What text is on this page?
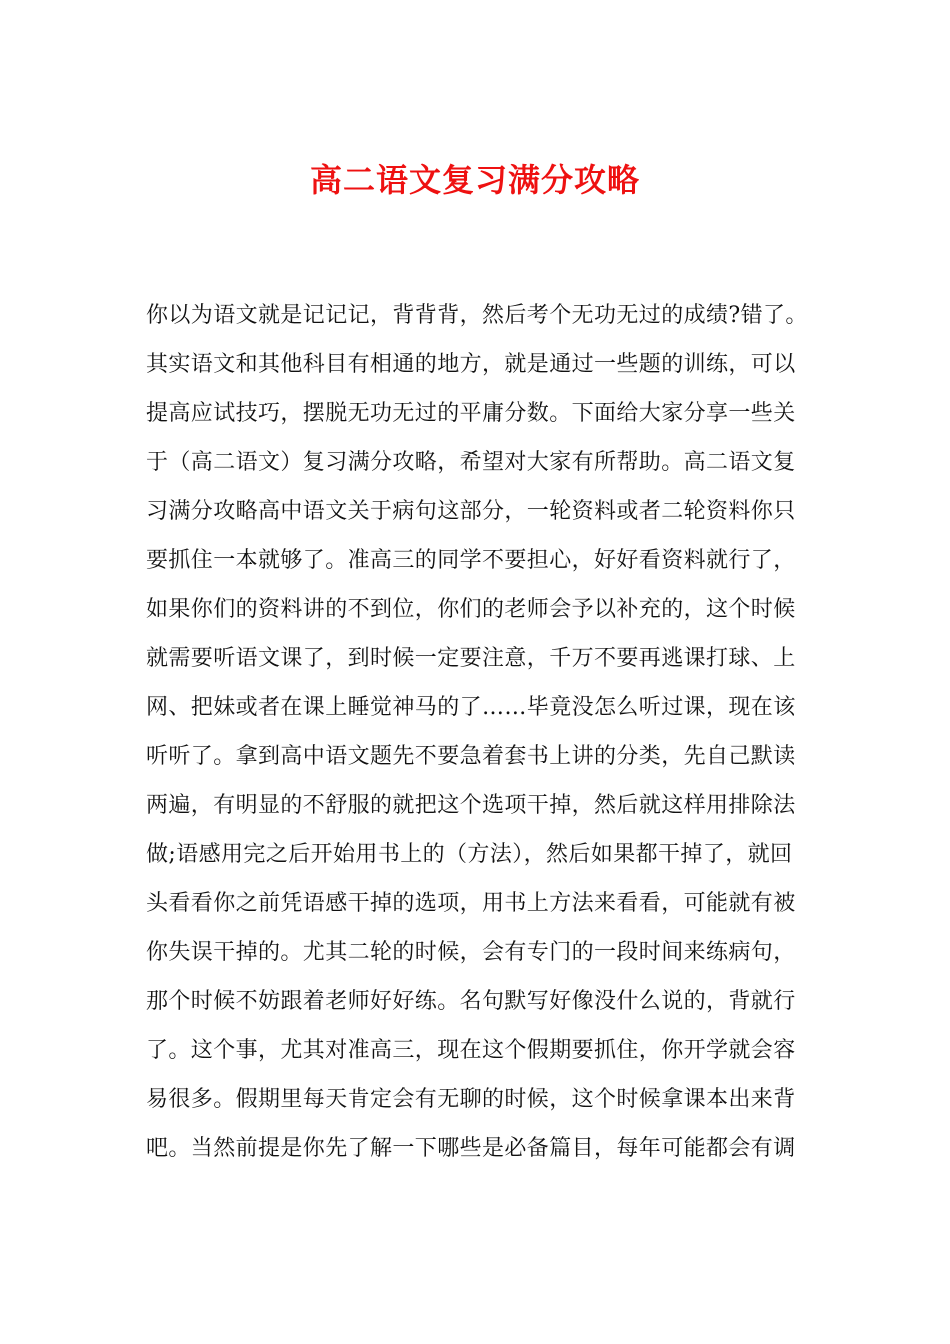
高二语文复习满分攻略
你以为语文就是记记记，背背背，然后考个无功无过的成绩?错了。
其实语文和其他科目有相通的地方，就是通过一些题的训练，可以
提高应试技巧，摆脱无功无过的平庸分数。下面给大家分享一些关
于（高二语文）复习满分攻略，希望对大家有所帮助。高二语文复
习满分攻略高中语文关于病句这部分，一轮资料或者二轮资料你只
要抓住一本就够了。准高三的同学不要担心，好好看资料就行了，
如果你们的资料讲的不到位，你们的老师会予以补充的，这个时候
就需要听语文课了，到时候一定要注意，千万不要再逃课打球、上
网、把妹或者在课上睡觉神马的了……毕竟没怎么听过课，现在该
听听了。拿到高中语文题先不要急着套书上讲的分类，先自己默读
两遍，有明显的不舒服的就把这个选项干掉，然后就这样用排除法
做;语感用完之后开始用书上的（方法），然后如果都干掉了，就回
头看看你之前凭语感干掉的选项，用书上方法来看看，可能就有被
你失误干掉的。尤其二轮的时候，会有专门的一段时间来练病句，
那个时候不妨跟着老师好好练。名句默写好像没什么说的，背就行
了。这个事，尤其对准高三，现在这个假期要抓住，你开学就会容
易很多。假期里每天肯定会有无聊的时候，这个时候拿课本出来背
吧。当然前提是你先了解一下哪些是必备篇目，每年可能都会有调
